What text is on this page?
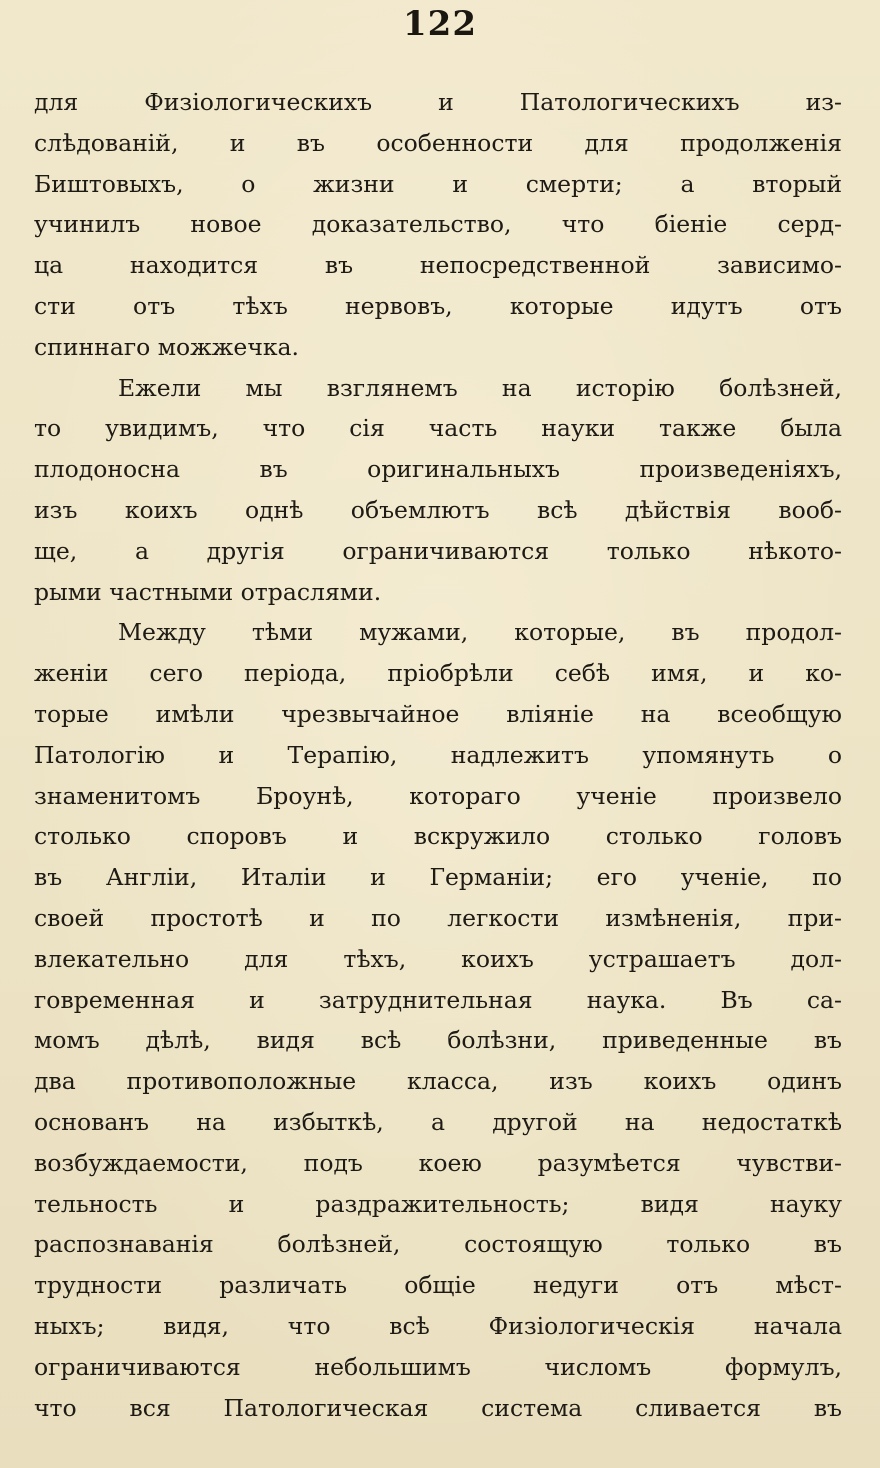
122
для Физіологическихъ и Патологическихъ из-
слѣдованій, и въ особенности для продолженія
Биштовыхъ, о жизни и смерти; а вторый
учинилъ новое доказательство, что біеніе серд-
ца находится въ непосредственной зависимо-
сти отъ тѣхъ нервовъ, которые идутъ отъ
спиннаго можжечка.
Ежели мы взглянемъ на исторію болѣзней,
то увидимъ, что сія часть науки также была
плодоносна въ оригинальныхъ произведеніяхъ,
изъ коихъ однѣ объемлютъ всѣ дѣйствія вооб-
ще, а другія ограничиваются только нѣкото-
рыми частными отраслями.
Между тѣми мужами, которые, въ продол-
женіи сего періода, пріобрѣли себѣ имя, и ко-
торые имѣли чрезвычайное вліяніе на всеобщую
Патологію и Терапію, надлежитъ упомянуть о
знаменитомъ Броунѣ, котораго ученіе произвело
столько споровъ и вскружило столько головъ
въ Англіи, Италіи и Германіи; его ученіе, по
своей простотѣ и по легкости измѣненія, при-
влекательно для тѣхъ, коихъ устрашаетъ дол-
говременная и затруднительная наука. Въ са-
момъ дѣлѣ, видя всѣ болѣзни, приведенные въ
два противоположные класса, изъ коихъ одинъ
основанъ на избыткѣ, а другой на недостаткѣ
возбуждаемости, подъ коею разумѣется чувстви-
тельность и раздражительность; видя науку
распознаванія болѣзней, состоящую только въ
трудности различать общіе недуги отъ мѣст-
ныхъ; видя, что всѣ Физіологическія начала
ограничиваются небольшимъ числомъ формулъ,
что вся Патологическая система сливается въ
